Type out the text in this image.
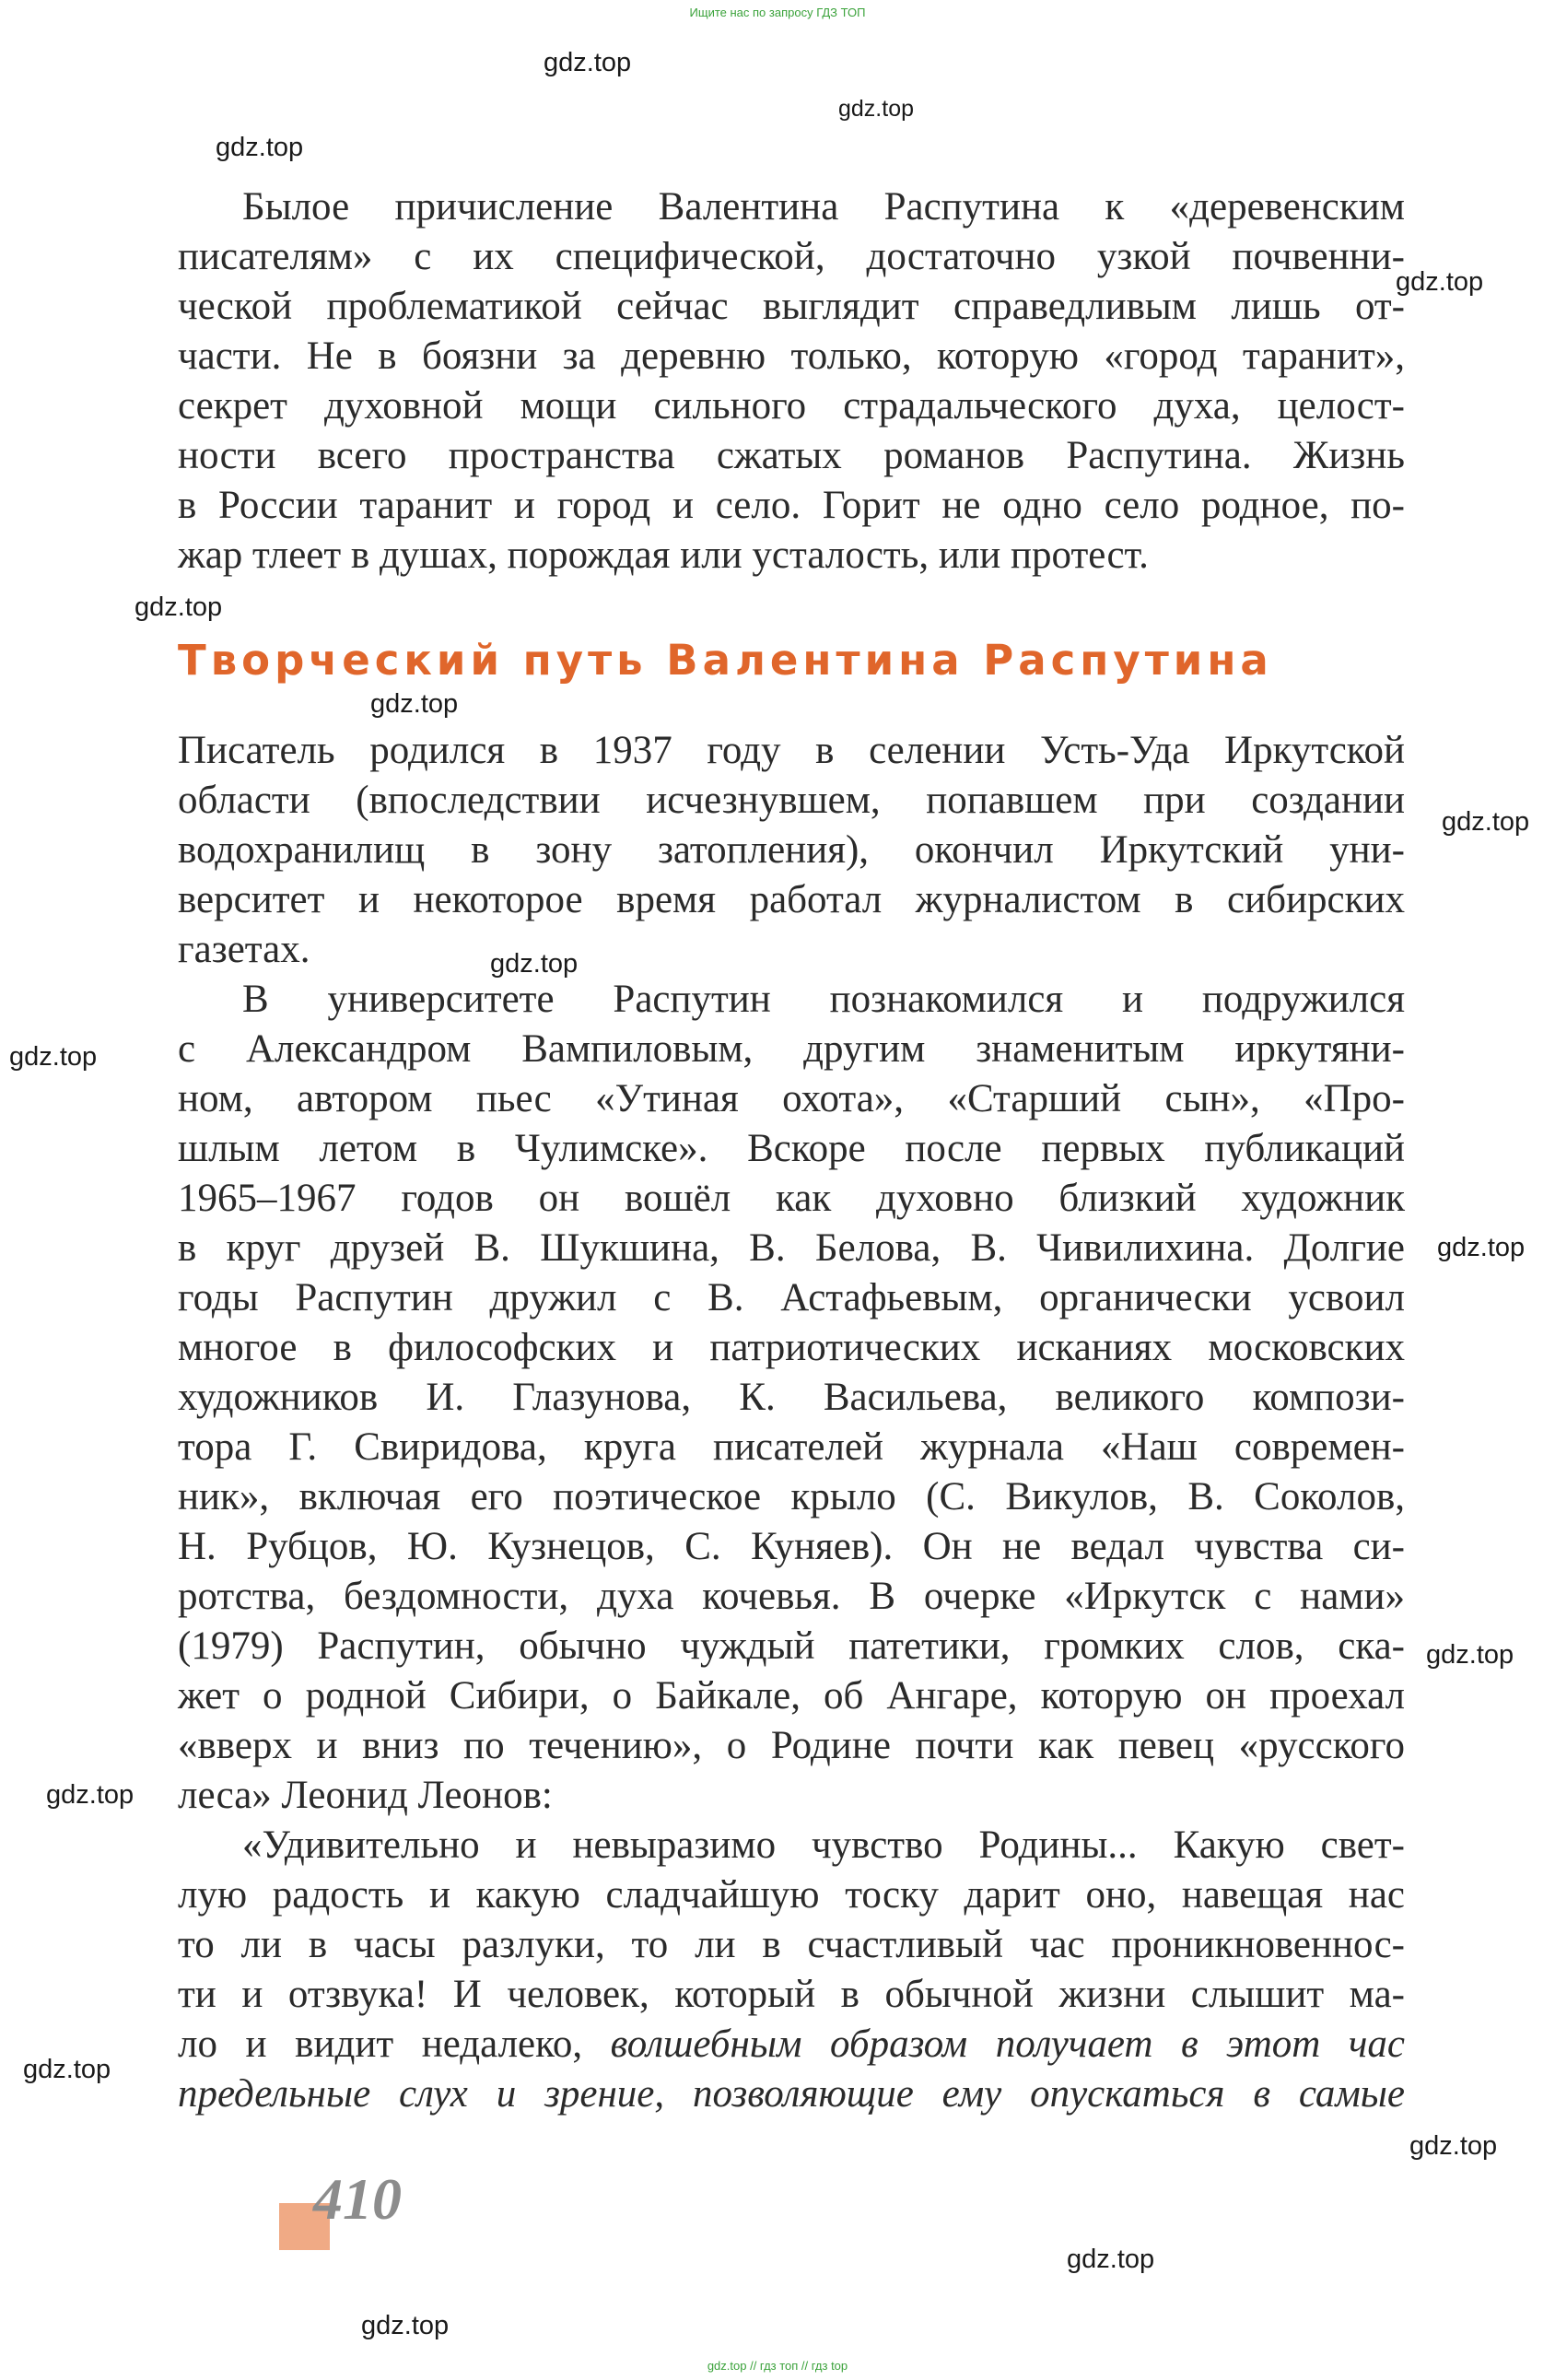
Ищите нас по запросу ГДЗ ТОП
gdz.top
gdz.top
gdz.top
gdz.top
gdz.top
gdz.top
gdz.top
gdz.top
gdz.top
gdz.top
gdz.top
gdz.top
gdz.top
gdz.top
gdz.top
gdz.top
Былое причисление Валентина Распутина к «деревенским
писателям» с их специфической, достаточно узкой почвенни-
ческой проблематикой сейчас выглядит справедливым лишь от-
части. Не в боязни за деревню только, которую «город таранит»,
секрет духовной мощи сильного страдальческого духа, целост-
ности всего пространства сжатых романов Распутина. Жизнь
в России таранит и город и село. Горит не одно село родное, по-
жар тлеет в душах, порождая или усталость, или протест.
Творческий путь Валентина Распутина
Писатель родился в 1937 году в селении Усть-Уда Иркутской
области (впоследствии исчезнувшем, попавшем при создании
водохранилищ в зону затопления), окончил Иркутский уни-
верситет и некоторое время работал журналистом в сибирских
газетах.
В университете Распутин познакомился и подружился
с Александром Вампиловым, другим знаменитым иркутяни-
ном, автором пьес «Утиная охота», «Старший сын», «Про-
шлым летом в Чулимске». Вскоре после первых публикаций
1965–1967 годов он вошёл как духовно близкий художник
в круг друзей В. Шукшина, В. Белова, В. Чивилихина. Долгие
годы Распутин дружил с В. Астафьевым, органически усвоил
многое в философских и патриотических исканиях московских
художников И. Глазунова, К. Васильева, великого компози-
тора Г. Свиридова, круга писателей журнала «Наш современ-
ник», включая его поэтическое крыло (С. Викулов, В. Соколов,
Н. Рубцов, Ю. Кузнецов, С. Куняев). Он не ведал чувства си-
ротства, бездомности, духа кочевья. В очерке «Иркутск с нами»
(1979) Распутин, обычно чуждый патетики, громких слов, ска-
жет о родной Сибири, о Байкале, об Ангаре, которую он проехал
«вверх и вниз по течению», о Родине почти как певец «русского
леса» Леонид Леонов:
«Удивительно и невыразимо чувство Родины... Какую свет-
лую радость и какую сладчайшую тоску дарит оно, навещая нас
то ли в часы разлуки, то ли в счастливый час проникновеннос-
ти и отзвука! И человек, который в обычной жизни слышит ма-
ло и видит недалеко, волшебным образом получает в этот час
предельные слух и зрение, позволяющие ему опускаться в самые
410
gdz.top // гдз топ // гдз top
